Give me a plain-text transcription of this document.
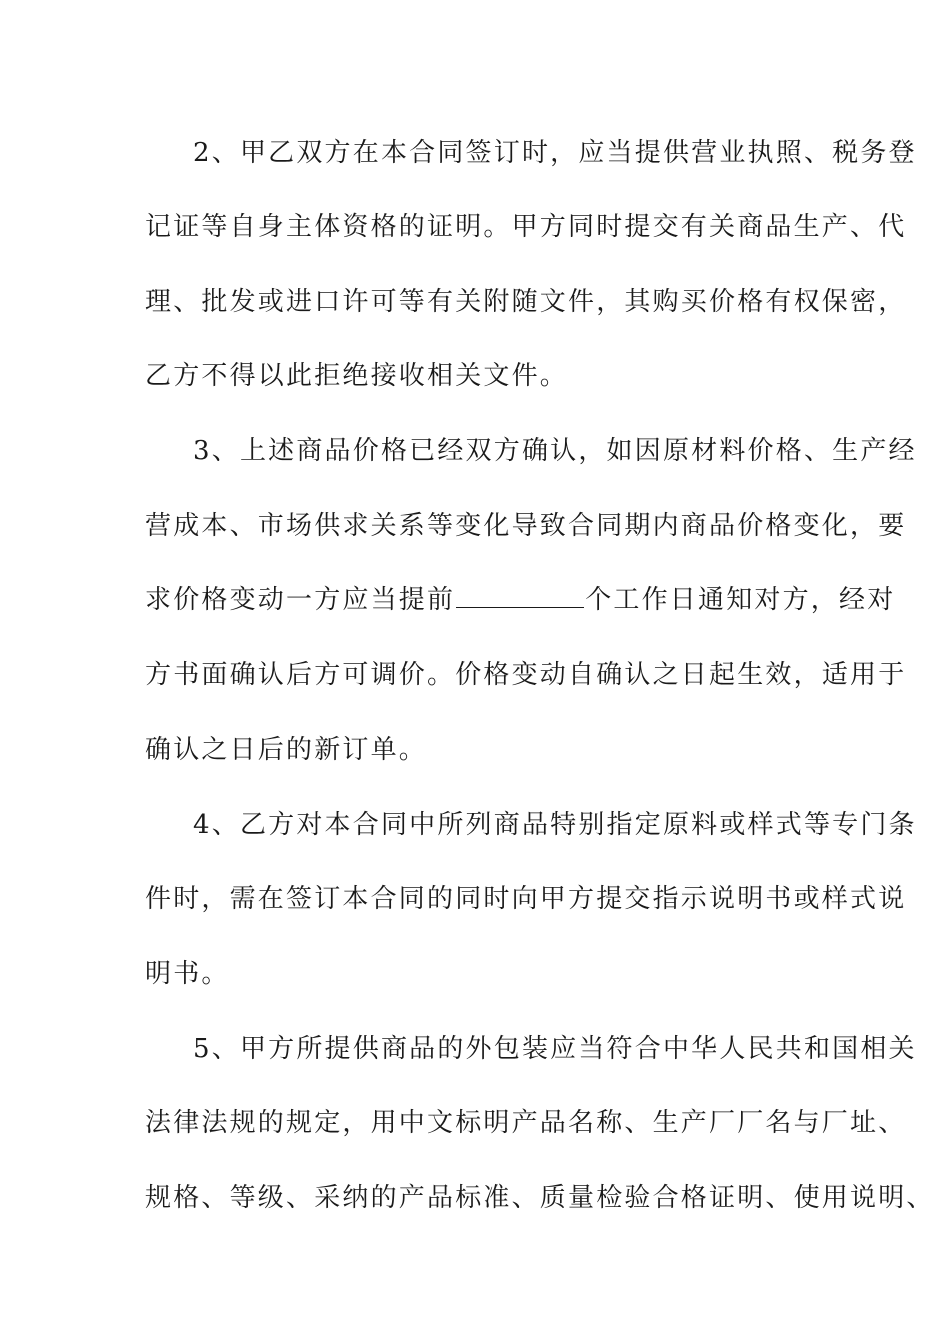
2、甲乙双方在本合同签订时，应当提供营业执照、税务登
记证等自身主体资格的证明。甲方同时提交有关商品生产、代
理、批发或进口许可等有关附随文件，其购买价格有权保密，
乙方不得以此拒绝接收相关文件。
3、上述商品价格已经双方确认，如因原材料价格、生产经
营成本、市场供求关系等变化导致合同期内商品价格变化，要
求价格变动一方应当提前	个工作日通知对方，经对
方书面确认后方可调价。价格变动自确认之日起生效，适用于
确认之日后的新订单。
4、乙方对本合同中所列商品特别指定原料或样式等专门条
件时，需在签订本合同的同时向甲方提交指示说明书或样式说
明书。
5、甲方所提供商品的外包装应当符合中华人民共和国相关
法律法规的规定，用中文标明产品名称、生产厂厂名与厂址、
规格、等级、采纳的产品标准、质量检验合格证明、使用说明、
